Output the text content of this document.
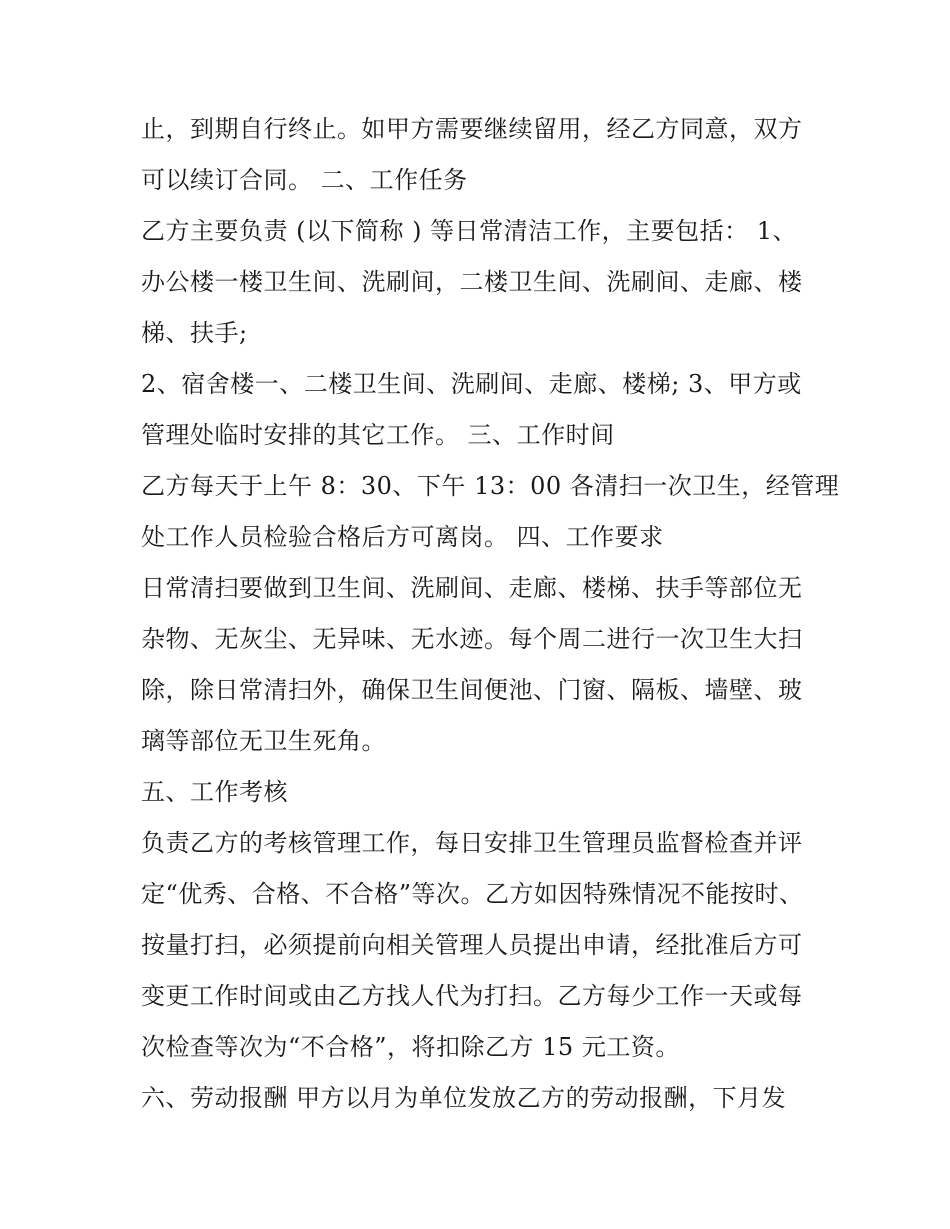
止，到期自行终止。如甲方需要继续留用，经乙方同意，双方
可以续订合同。 二、工作任务
乙方主要负责 (以下简称 ) 等日常清洁工作，主要包括： 1、
办公楼一楼卫生间、洗刷间，二楼卫生间、洗刷间、走廊、楼
梯、扶手;
2、宿舍楼一、二楼卫生间、洗刷间、走廊、楼梯; 3、甲方或
管理处临时安排的其它工作。 三、工作时间
乙方每天于上午 8：30、下午 13：00 各清扫一次卫生，经管理
处工作人员检验合格后方可离岗。 四、工作要求
日常清扫要做到卫生间、洗刷间、走廊、楼梯、扶手等部位无
杂物、无灰尘、无异味、无水迹。每个周二进行一次卫生大扫
除，除日常清扫外，确保卫生间便池、门窗、隔板、墙壁、玻
璃等部位无卫生死角。
五、工作考核
负责乙方的考核管理工作，每日安排卫生管理员监督检查并评
定“优秀、合格、不合格”等次。乙方如因特殊情况不能按时、
按量打扫，必须提前向相关管理人员提出申请，经批准后方可
变更工作时间或由乙方找人代为打扫。乙方每少工作一天或每
次检查等次为“不合格”，将扣除乙方 15 元工资。
六、劳动报酬 甲方以月为单位发放乙方的劳动报酬，下月发
